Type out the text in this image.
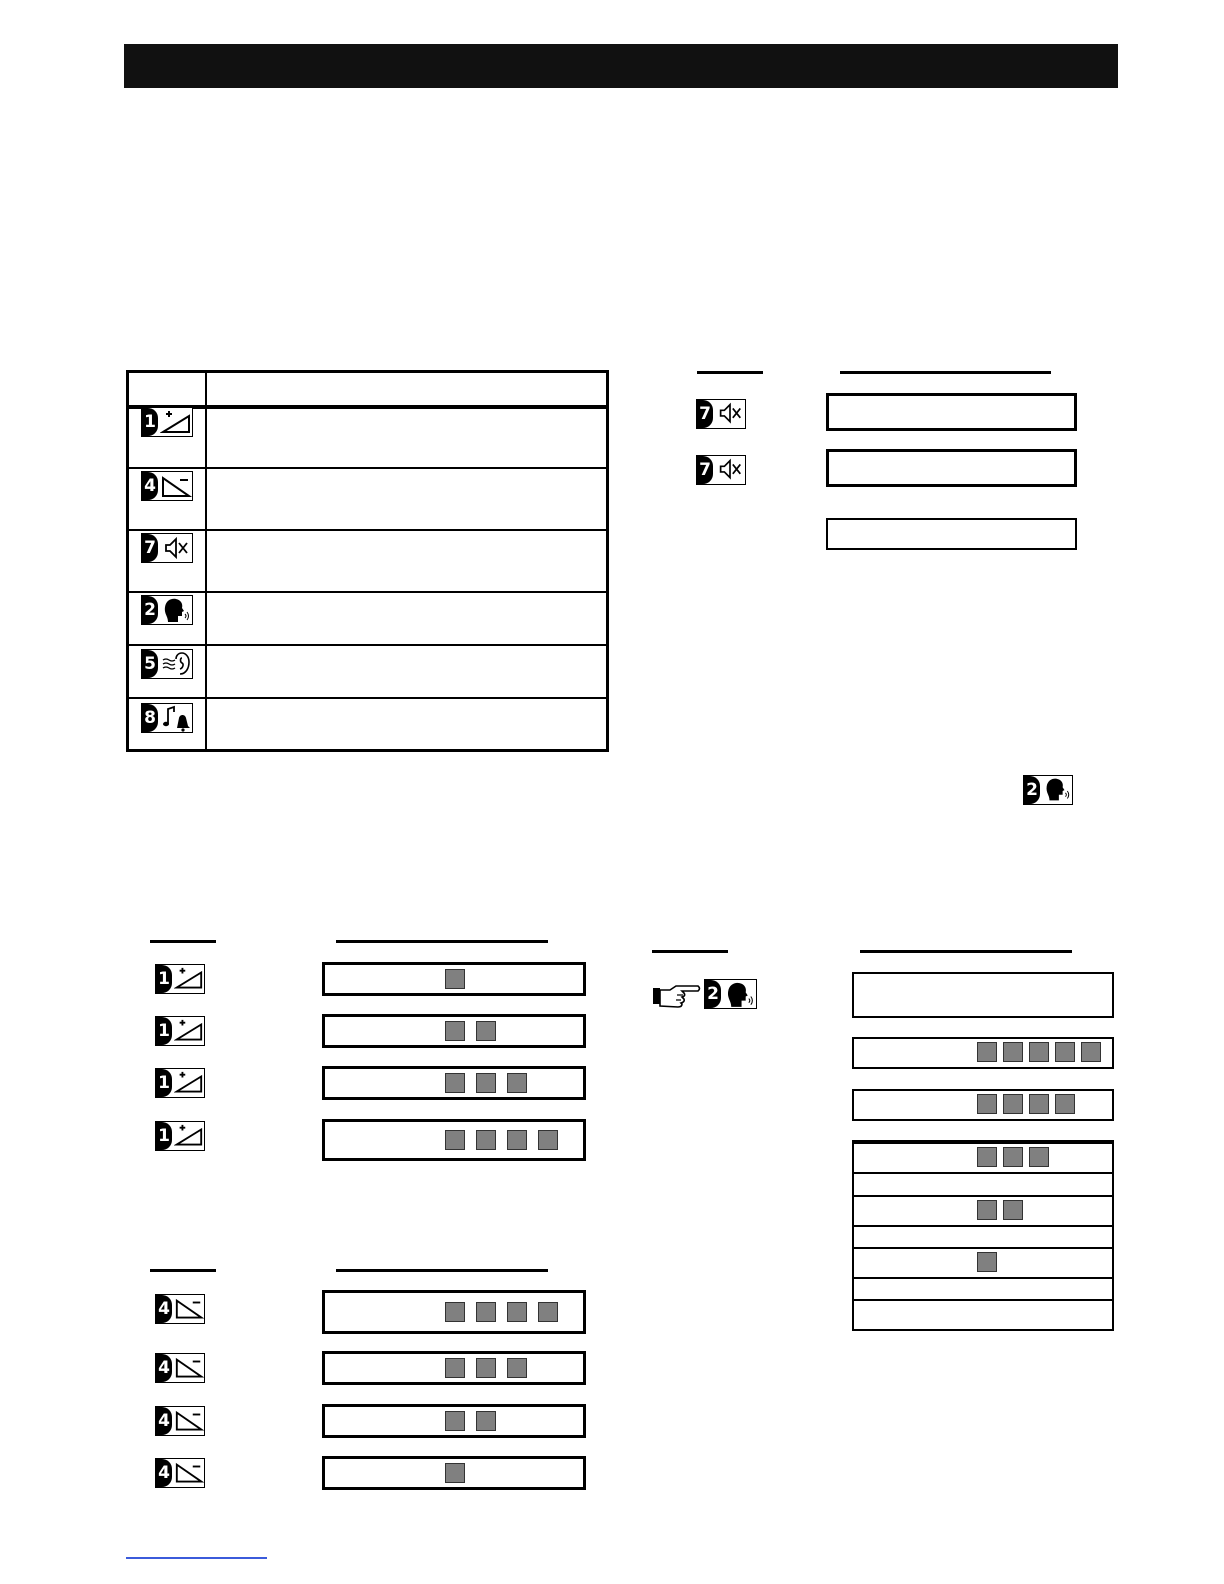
1
4
7
2
5
8
7
7
2
1
1
1
1
4
4
4
4
2
